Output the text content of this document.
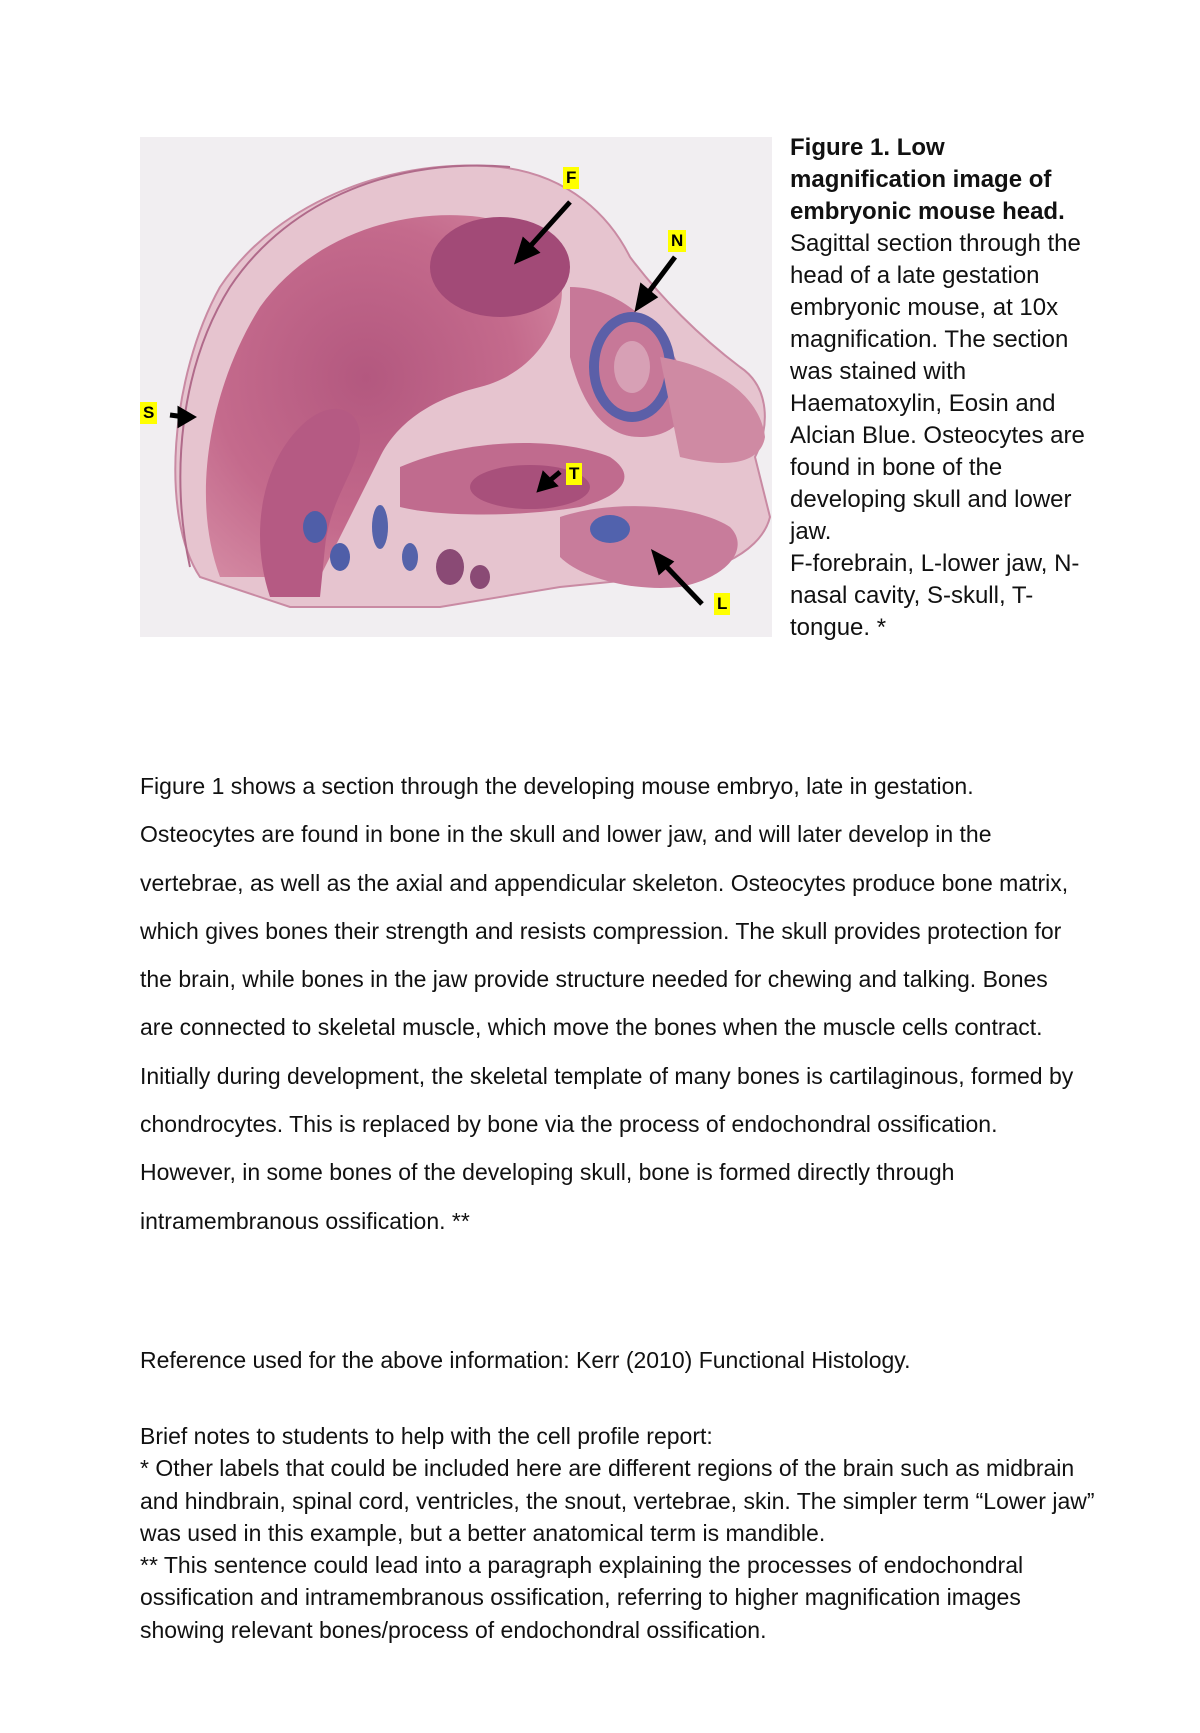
F
N
S
T
L
Figure 1. Low magnification image of embryonic mouse head. Sagittal section through the head of a late gestation embryonic mouse, at 10x magnification. The section was stained with Haematoxylin, Eosin and Alcian Blue. Osteocytes are found in bone of the developing skull and lower jaw.
F-forebrain, L-lower jaw, N-nasal cavity, S-skull, T-tongue. *

Figure 1 shows a section through the developing mouse embryo, late in gestation. Osteocytes are found in bone in the skull and lower jaw, and will later develop in the vertebrae, as well as the axial and appendicular skeleton. Osteocytes produce bone matrix, which gives bones their strength and resists compression. The skull provides protection for the brain, while bones in the jaw provide structure needed for chewing and talking. Bones are connected to skeletal muscle, which move the bones when the muscle cells contract. Initially during development, the skeletal template of many bones is cartilaginous, formed by chondrocytes. This is replaced by bone via the process of endochondral ossification. However, in some bones of the developing skull, bone is formed directly through intramembranous ossification. **

Reference used for the above information: Kerr (2010) Functional Histology.

Brief notes to students to help with the cell profile report:

* Other labels that could be included here are different regions of the brain such as midbrain and hindbrain, spinal cord, ventricles, the snout, vertebrae, skin. The simpler term “Lower jaw” was used in this example, but a better anatomical term is mandible.

** This sentence could lead into a paragraph explaining the processes of endochondral ossification and intramembranous ossification, referring to higher magnification images showing relevant bones/process of endochondral ossification.
